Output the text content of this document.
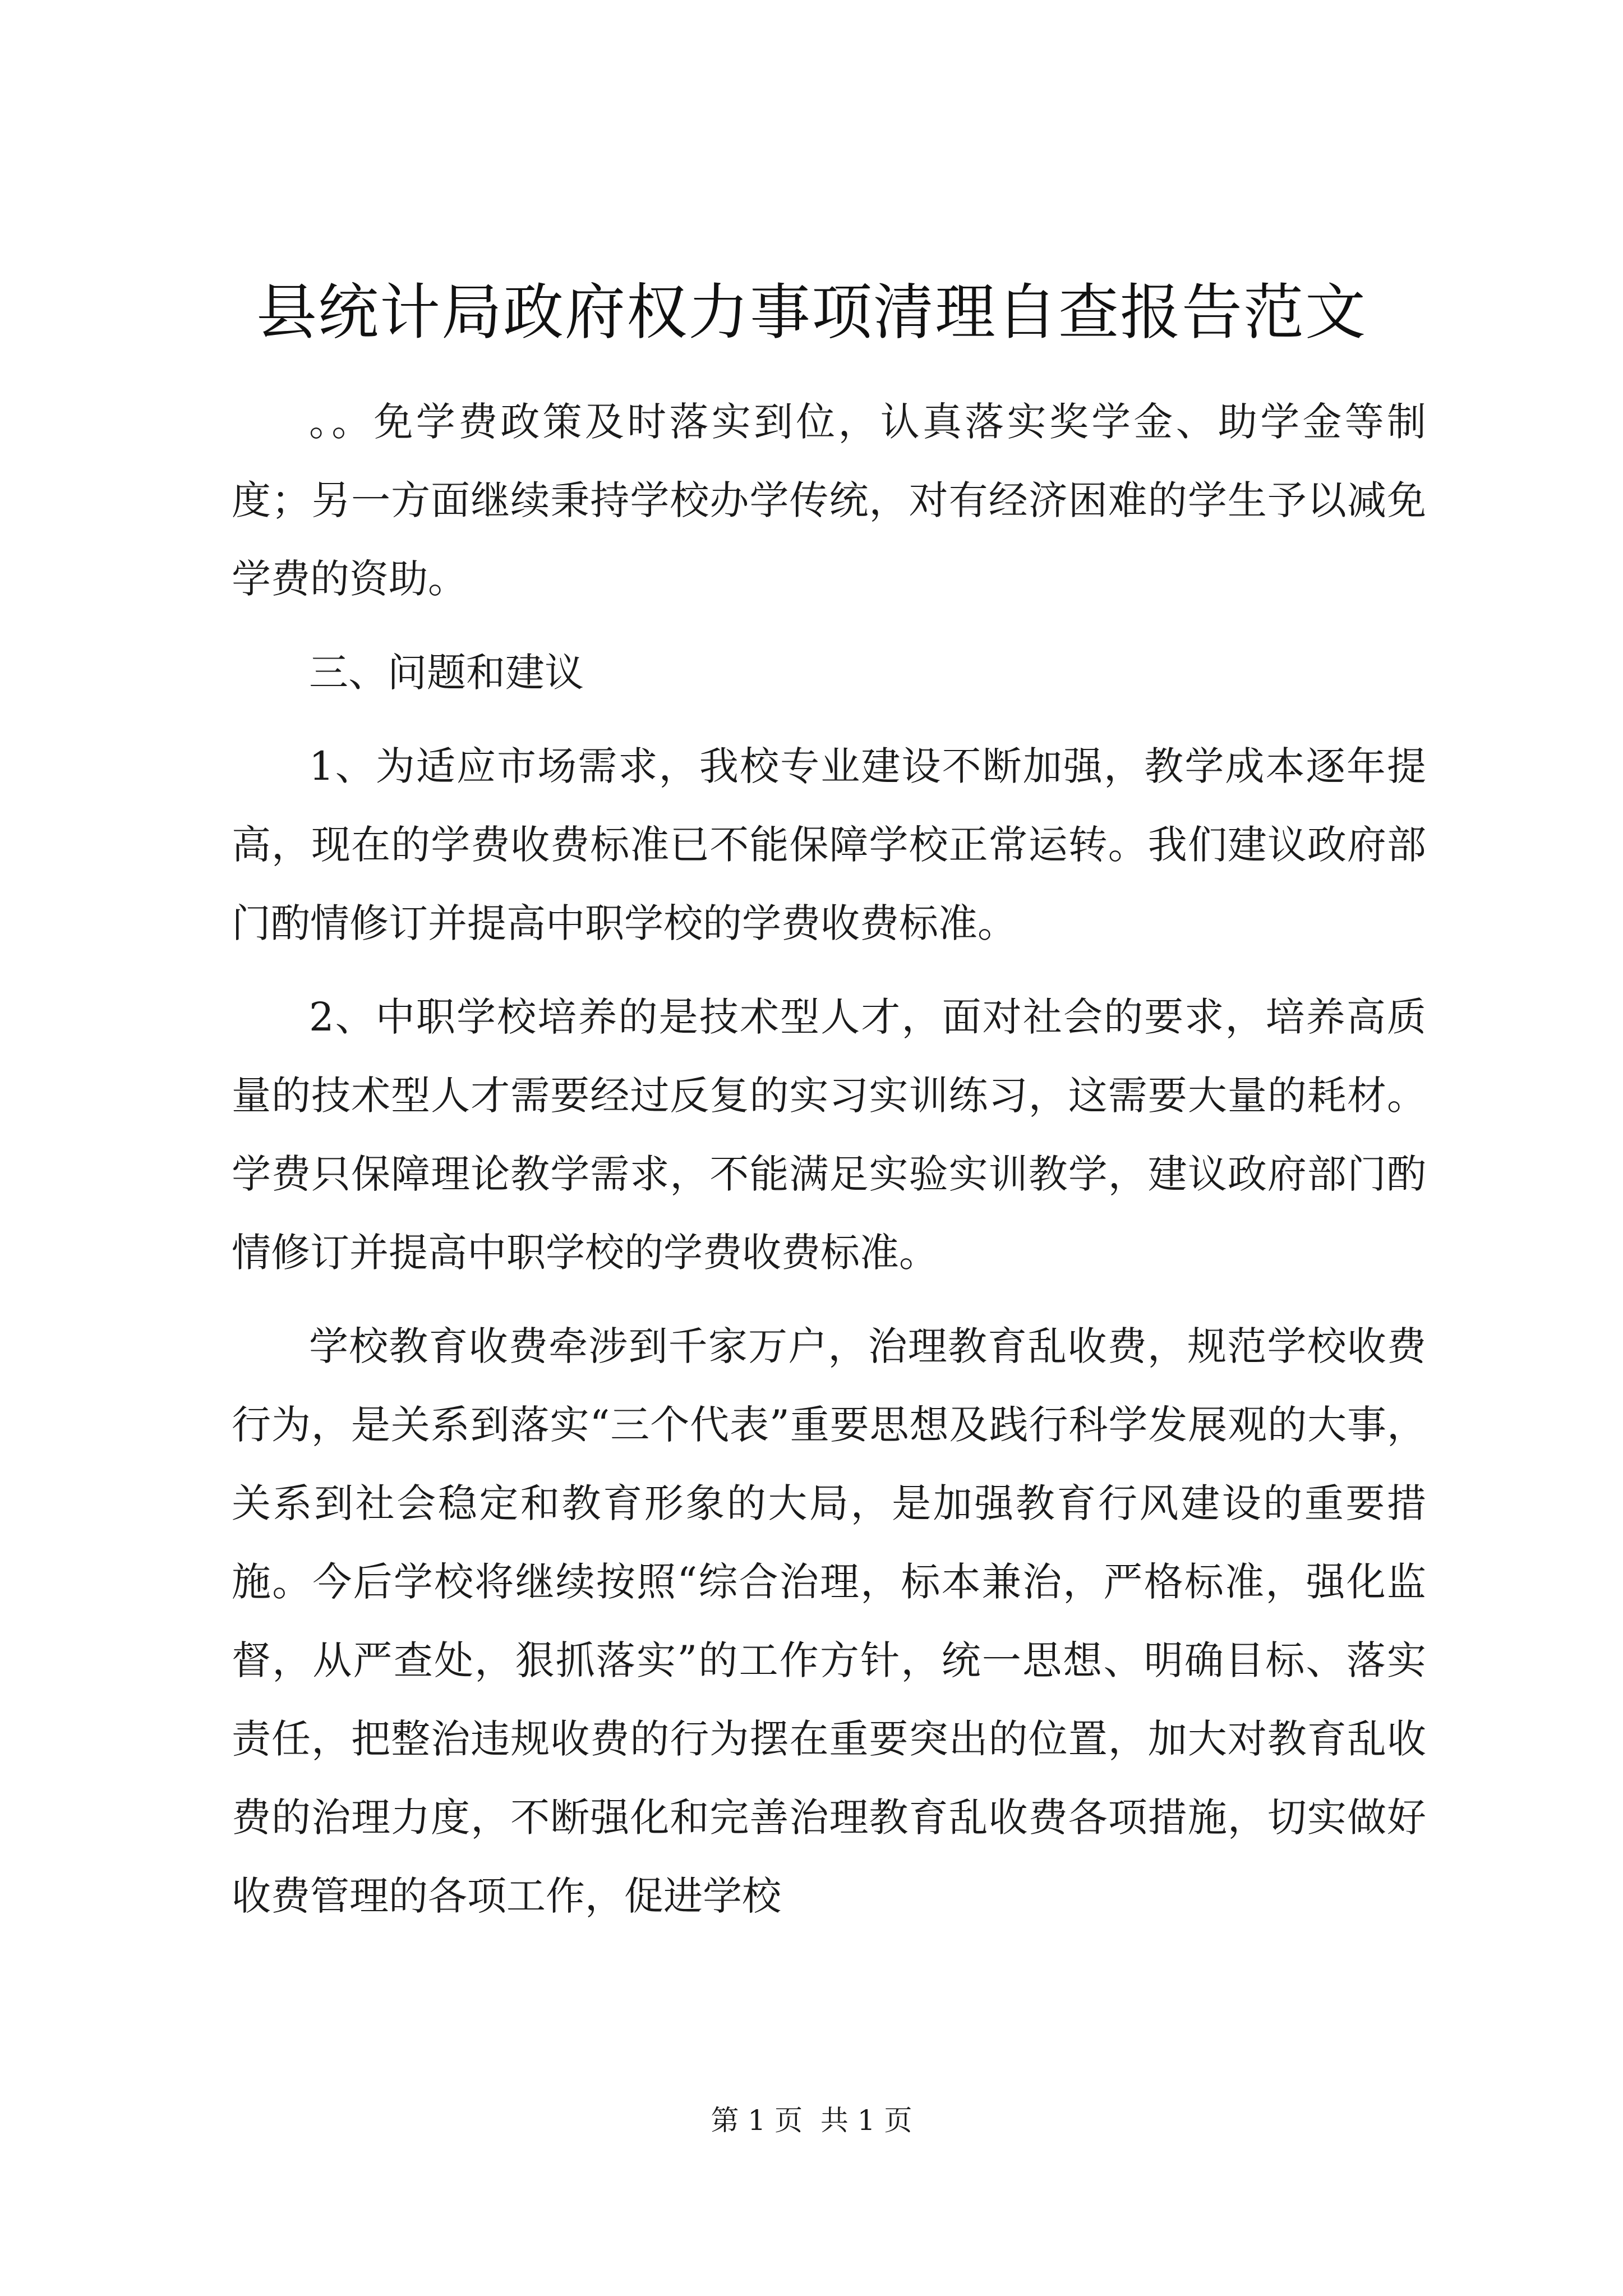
县统计局政府权力事项清理自查报告范文

。。免学费政策及时落实到位，认真落实奖学金、助学金等制度；另一方面继续秉持学校办学传统，对有经济困难的学生予以减免学费的资助。

三、问题和建议

1、为适应市场需求，我校专业建设不断加强，教学成本逐年提高，现在的学费收费标准已不能保障学校正常运转。我们建议政府部门酌情修订并提高中职学校的学费收费标准。

2、中职学校培养的是技术型人才，面对社会的要求，培养高质量的技术型人才需要经过反复的实习实训练习，这需要大量的耗材。学费只保障理论教学需求，不能满足实验实训教学，建议政府部门酌情修订并提高中职学校的学费收费标准。

学校教育收费牵涉到千家万户，治理教育乱收费，规范学校收费行为，是关系到落实“三个代表”重要思想及践行科学发展观的大事，关系到社会稳定和教育形象的大局，是加强教育行风建设的重要措施。今后学校将继续按照“综合治理，标本兼治，严格标准，强化监督，从严查处，狠抓落实”的工作方针，统一思想、明确目标、落实责任，把整治违规收费的行为摆在重要突出的位置，加大对教育乱收费的治理力度，不断强化和完善治理教育乱收费各项措施，切实做好收费管理的各项工作，促进学校

第 1 页  共 1 页
